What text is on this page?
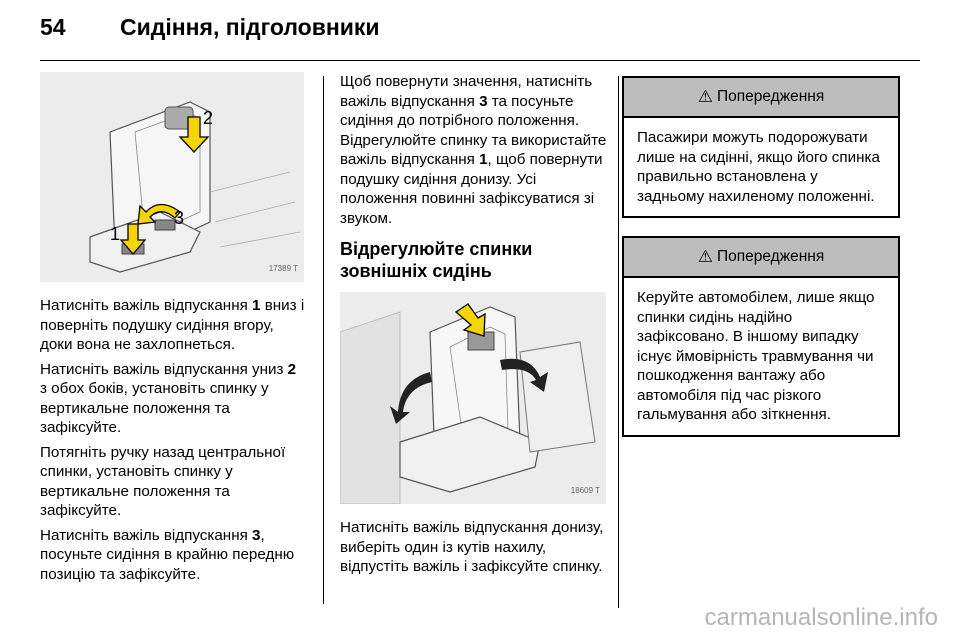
54 Сидіння, підголовники
2
3
1
17389 T

Натисніть важіль відпускання 1 вниз і поверніть подушку сидіння вгору, доки вона не захлопнеться.

Натисніть важіль відпускання униз 2 з обох боків, установіть спинку у вертикальне положення та зафіксуйте.

Потягніть ручку назад центральної спинки, установіть спинку у вертикальне положення та зафіксуйте.

Натисніть важіль відпускання 3, посуньте сидіння в крайню передню позицію та зафіксуйте.

Щоб повернути значення, натисніть важіль відпускання 3 та посуньте сидіння до потрібного положення. Відрегулюйте спинку та використайте важіль відпускання 1, щоб повернути подушку сидіння донизу. Усі положення повинні зафіксуватися зі звуком.

Відрегулюйте спинки зовнішніх сидінь
18609 T

Натисніть важіль відпускання донизу, виберіть один із кутів нахилу, відпустіть важіль і зафіксуйте спинку.

⚠ Попередження
Пасажири можуть подорожувати лише на сидінні, якщо його спинка правильно встановлена у задньому нахиленому положенні.
⚠ Попередження
Керуйте автомобілем, лише якщо спинки сидінь надійно зафіксовано. В іншому випадку існує ймовірність травмування чи пошкодження вантажу або автомобіля під час різкого гальмування або зіткнення.
carmanualsonline.info
